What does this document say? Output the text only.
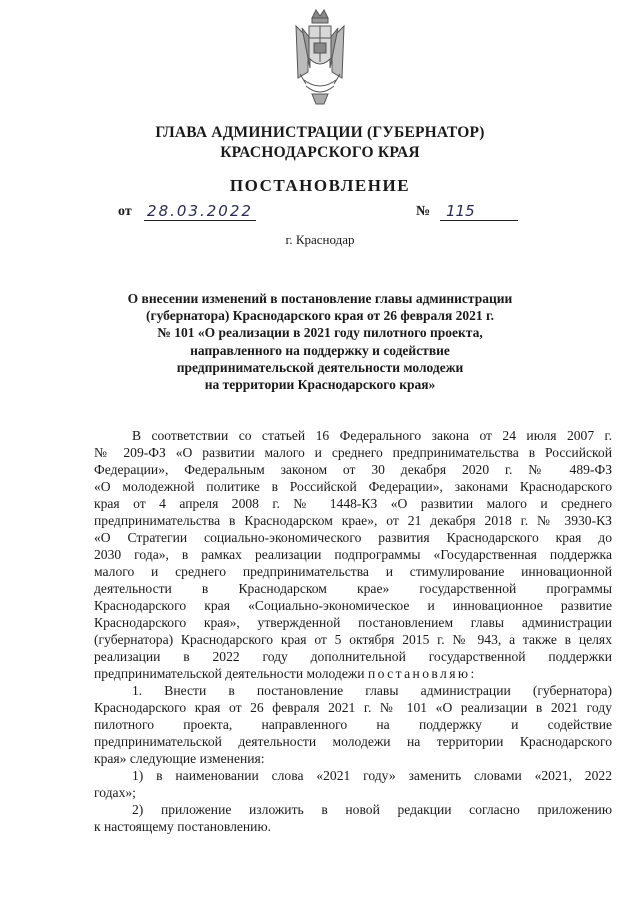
ГЛАВА АДМИНИСТРАЦИИ (ГУБЕРНАТОР)
КРАСНОДАРСКОГО КРАЯ
ПОСТАНОВЛЕНИЕ
от 28.03.2022	№	115
г. Краснодар
О внесении изменений в постановление главы администрации
(губернатора) Краснодарского края от 26 февраля 2021 г.
№ 101 «О реализации в 2021 году пилотного проекта,
направленного на поддержку и содействие
предпринимательской деятельности молодежи
на территории Краснодарского края»
В соответствии со статьей 16 Федерального закона от 24 июля 2007 г.
№ 209-ФЗ «О развитии малого и среднего предпринимательства в Российской
Федерации», Федеральным законом от 30 декабря 2020 г. № 489-ФЗ
«О молодежной политике в Российской Федерации», законами Краснодарского
края от 4 апреля 2008 г. № 1448-КЗ «О развитии малого и среднего
предпринимательства в Краснодарском крае», от 21 декабря 2018 г. № 3930-КЗ
«О Стратегии социально-экономического развития Краснодарского края до
2030 года», в рамках реализации подпрограммы «Государственная поддержка
малого и среднего предпринимательства и стимулирование инновационной
деятельности в Краснодарском крае» государственной программы
Краснодарского края «Социально-экономическое и инновационное развитие
Краснодарского края», утвержденной постановлением главы администрации
(губернатора) Краснодарского края от 5 октября 2015 г. № 943, а также в целях
реализации в 2022 году дополнительной государственной поддержки
предпринимательской деятельности молодежи постановляю:
1. Внести в постановление главы администрации (губернатора)
Краснодарского края от 26 февраля 2021 г. № 101 «О реализации в 2021 году
пилотного проекта, направленного на поддержку и содействие
предпринимательской деятельности молодежи на территории Краснодарского
края» следующие изменения:
1) в наименовании слова «2021 году» заменить словами «2021, 2022
годах»;
2) приложение изложить в новой редакции согласно приложению
к настоящему постановлению.
